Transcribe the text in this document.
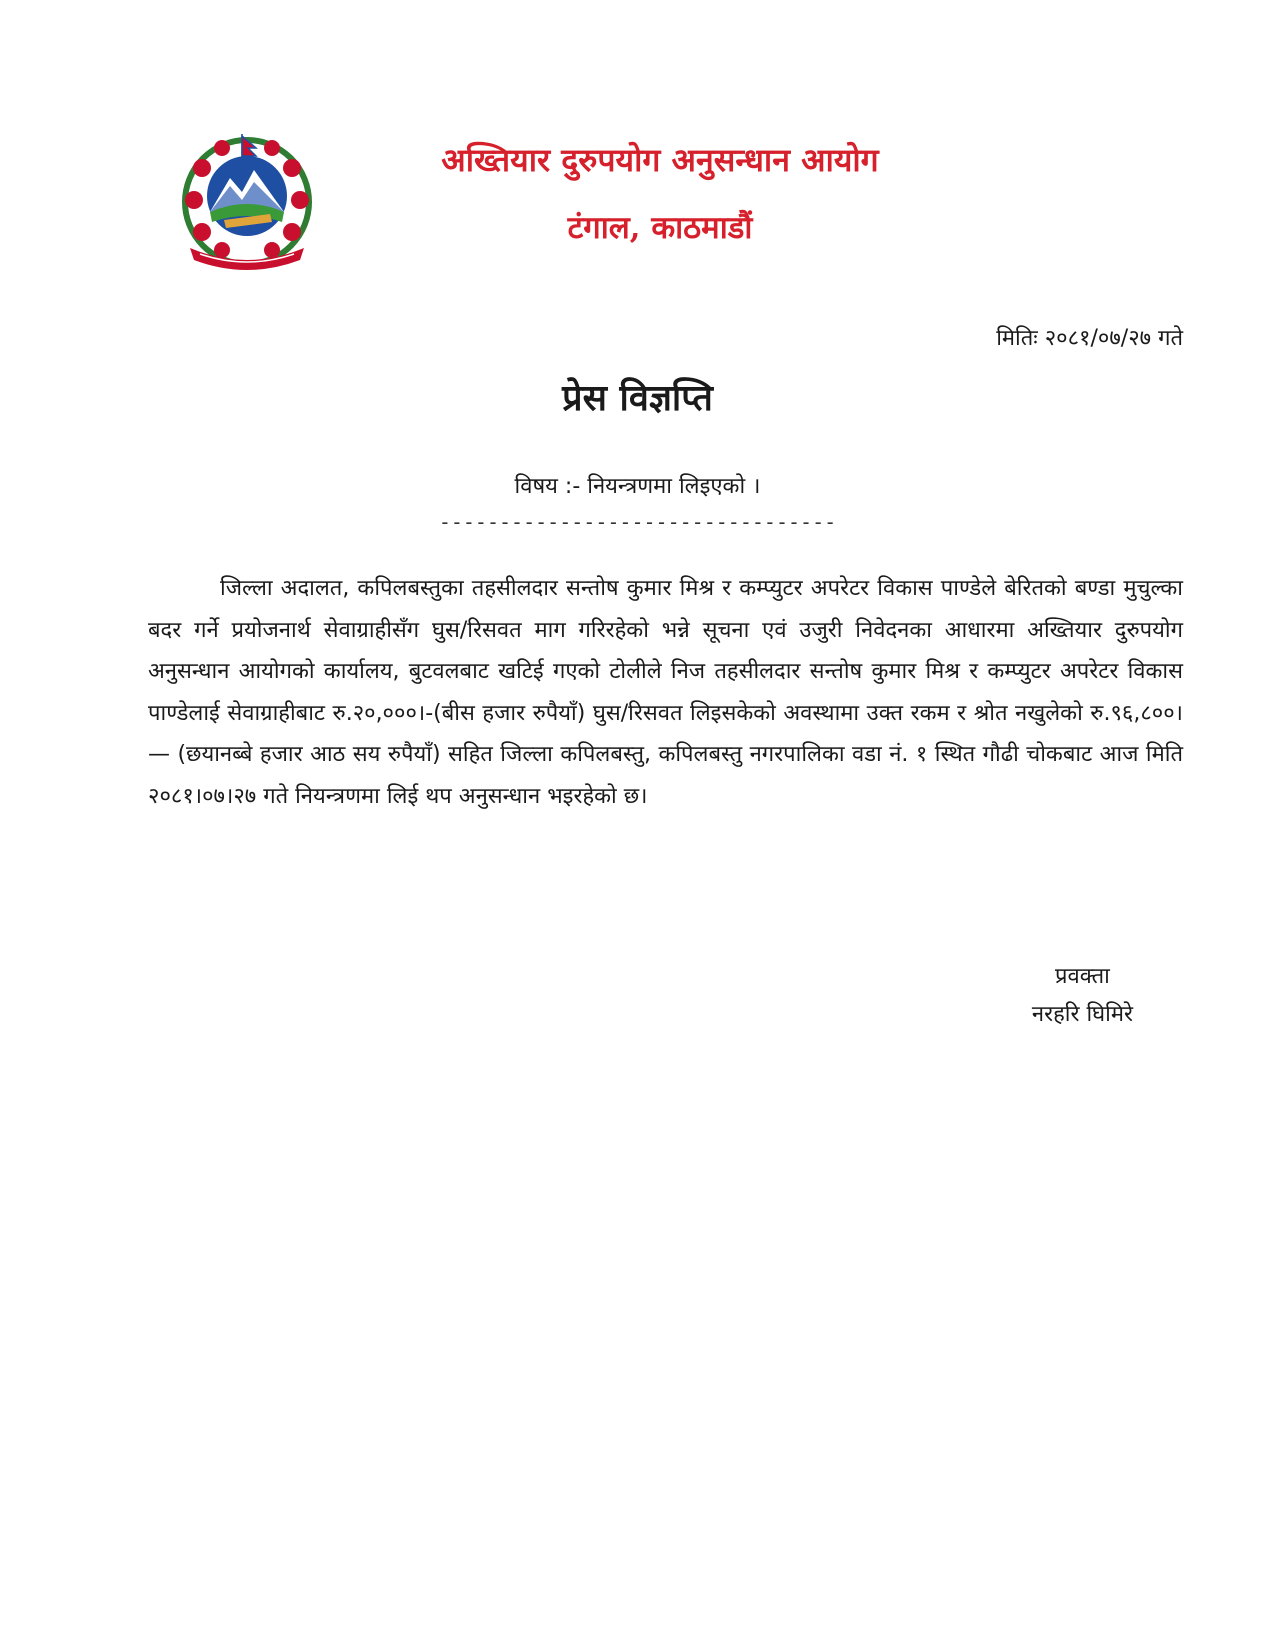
अख्तियार दुरुपयोग अनुसन्धान आयोग

टंगाल, काठमाडौं

मितिः २०८१/०७/२७ गते
प्रेस विज्ञप्ति

विषय :- नियन्त्रणमा लिइएको ।

---------------------------------

जिल्ला अदालत, कपिलबस्तुका तहसीलदार सन्तोष कुमार मिश्र र कम्प्युटर अपरेटर विकास पाण्डेले बेरितको बण्डा मुचुल्का बदर गर्ने प्रयोजनार्थ सेवाग्राहीसँग घुस/रिसवत माग गरिरहेको भन्ने सूचना एवं उजुरी निवेदनका आधारमा अख्तियार दुरुपयोग अनुसन्धान आयोगको कार्यालय, बुटवलबाट खटिई गएको टोलीले निज तहसीलदार सन्तोष कुमार मिश्र र कम्प्युटर अपरेटर विकास पाण्डेलाई सेवाग्राहीबाट रु.२०,०००।-(बीस हजार रुपैयाँ) घुस/रिसवत लिइसकेको अवस्थामा उक्त रकम र श्रोत नखुलेको रु.९६,८००।— (छयानब्बे हजार आठ सय रुपैयाँ) सहित जिल्ला कपिलबस्तु, कपिलबस्तु नगरपालिका वडा नं. १ स्थित गौढी चोकबाट आज मिति २०८१।०७।२७ गते नियन्त्रणमा लिई थप अनुसन्धान भइरहेको छ।

प्रवक्ता
नरहरि घिमिरे
